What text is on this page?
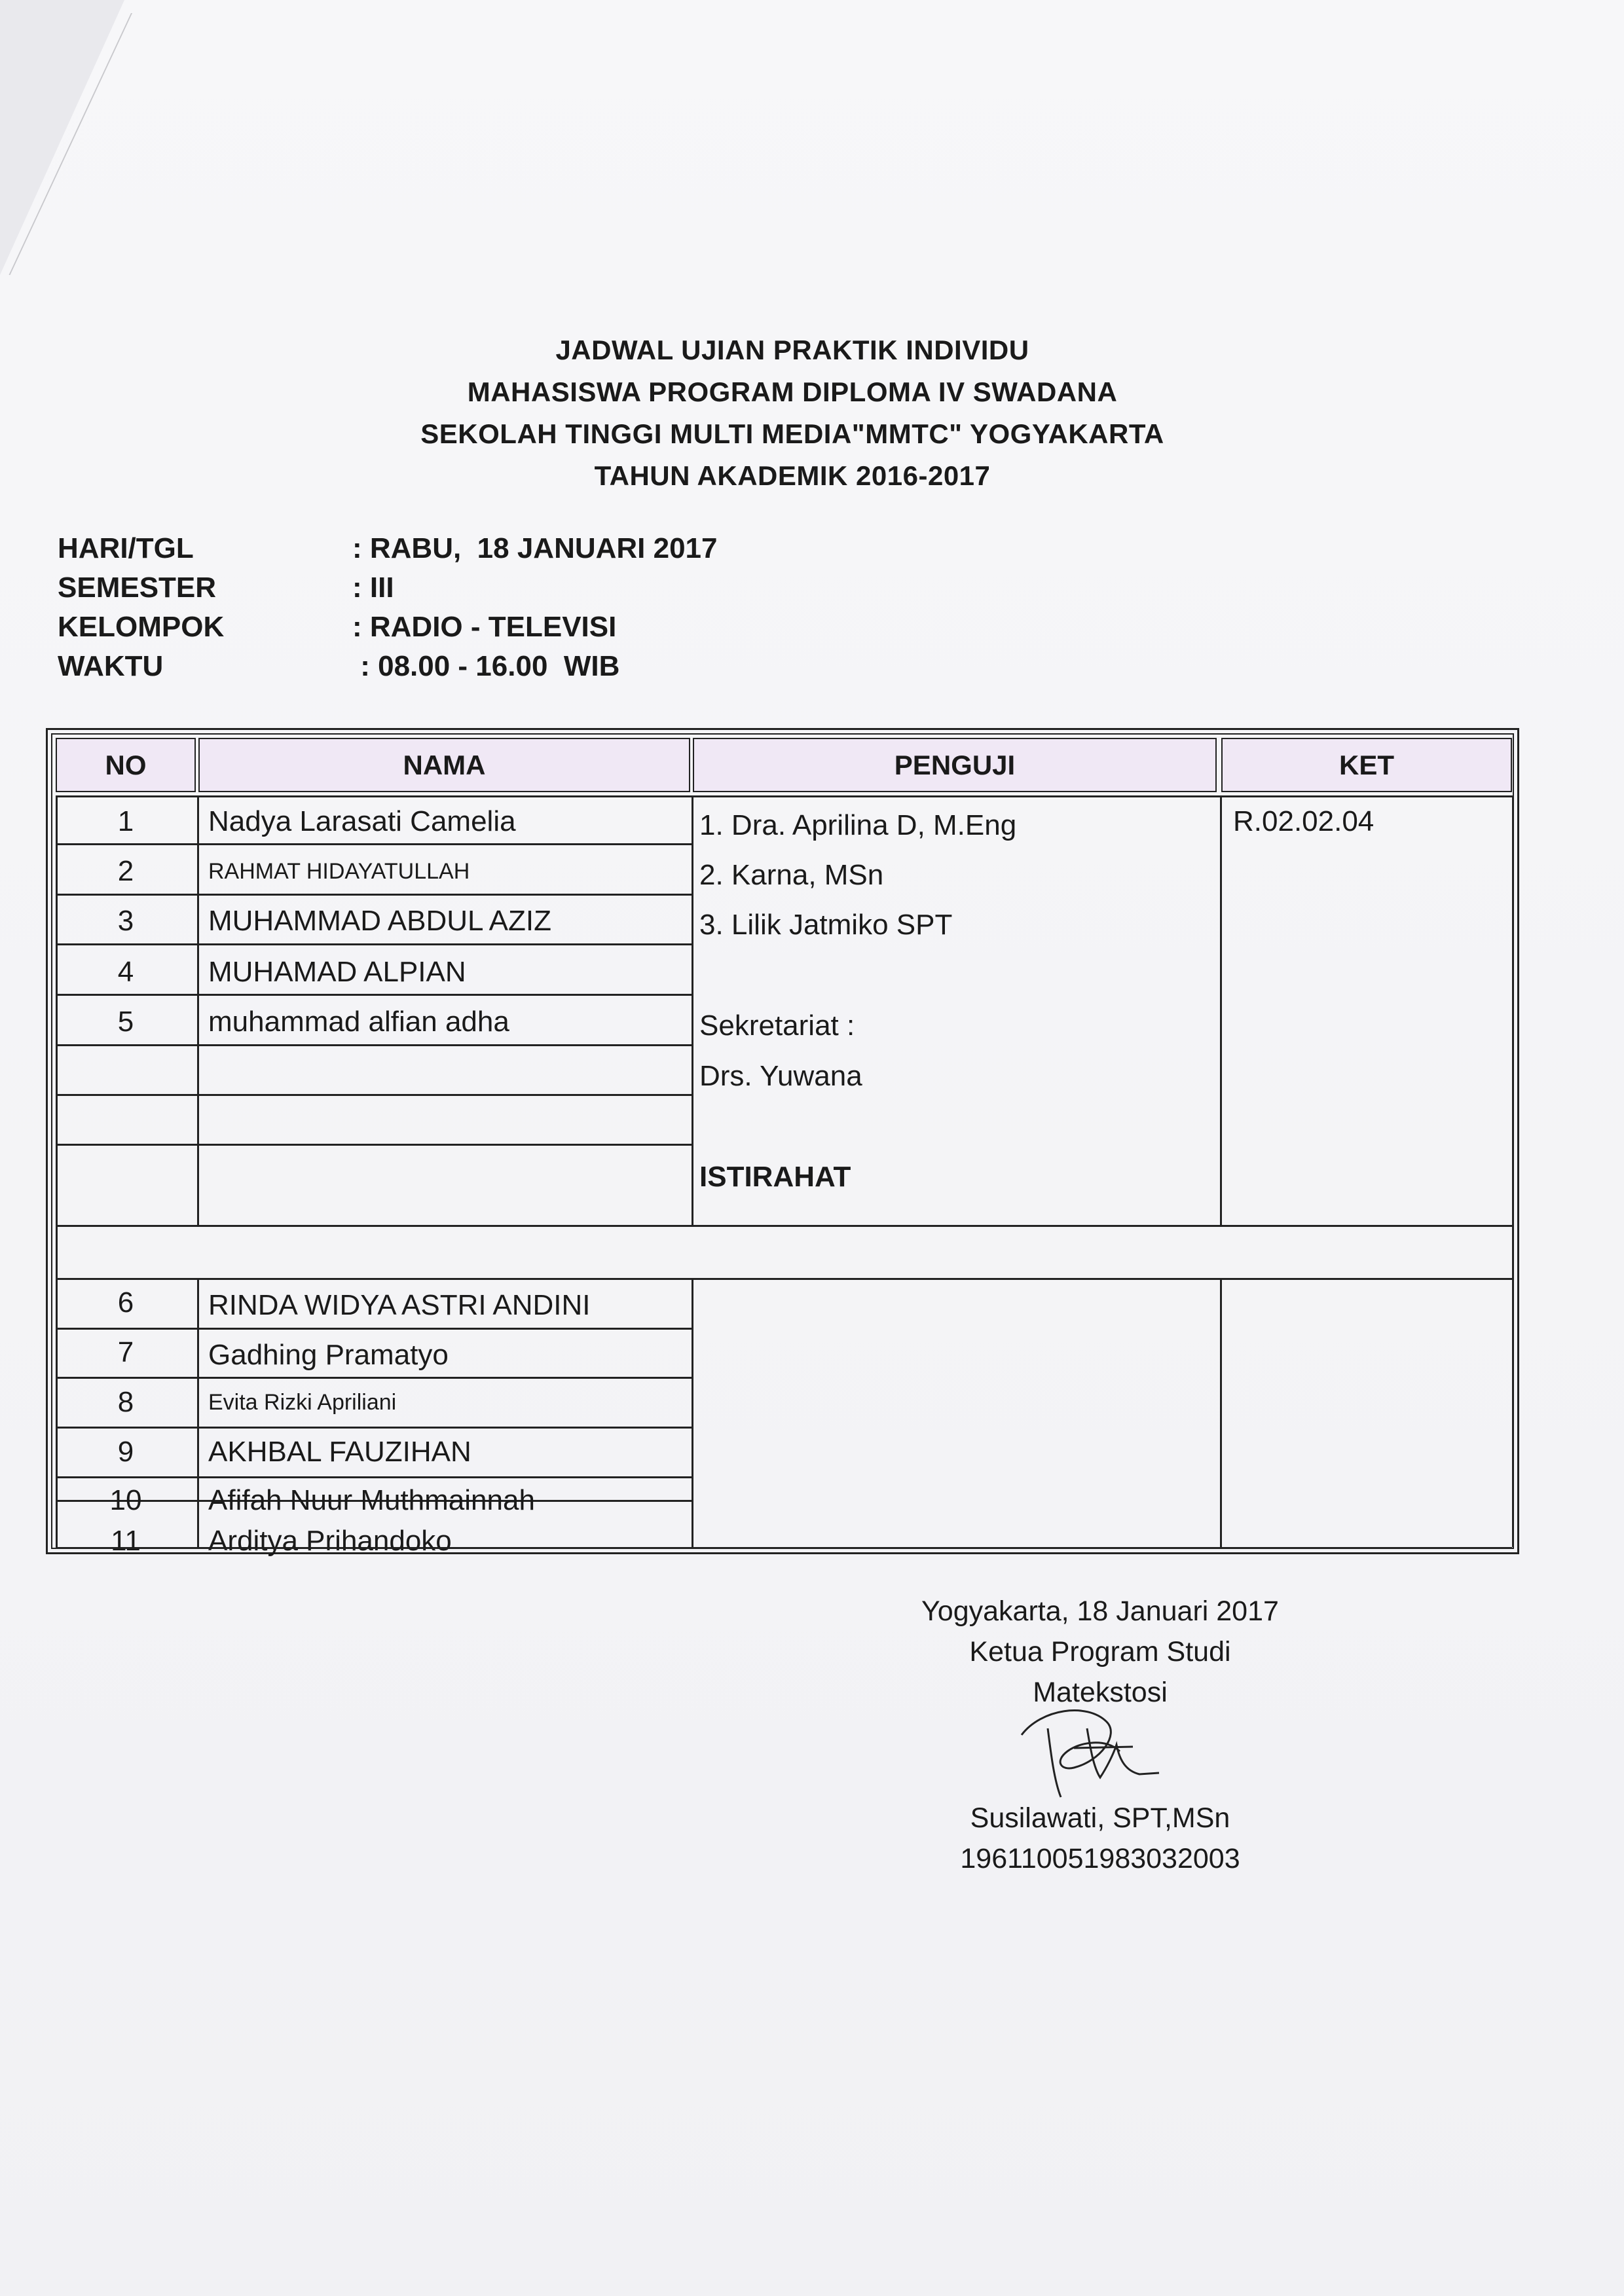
JADWAL UJIAN PRAKTIK INDIVIDU
MAHASISWA PROGRAM DIPLOMA IV SWADANA
SEKOLAH TINGGI MULTI MEDIA"MMTC" YOGYAKARTA
TAHUN AKADEMIK 2016-2017
HARI/TGL	: RABU,  18 JANUARI 2017
SEMESTER	: III
KELOMPOK	: RADIO - TELEVISI
WAKTU	: 08.00 - 16.00  WIB
NO	NAMA	PENGUJI	KET
1	Nadya Larasati Camelia
2	RAHMAT HIDAYATULLAH
3	MUHAMMAD ABDUL AZIZ
4	MUHAMAD ALPIAN
5	muhammad alfian adha
1. Dra. Aprilina D, M.Eng
2. Karna, MSn
3. Lilik Jatmiko SPT
Sekretariat :
Drs. Yuwana
R.02.02.04
ISTIRAHAT
6	RINDA WIDYA ASTRI ANDINI
7	Gadhing Pramatyo
8	Evita Rizki Apriliani
9	AKHBAL FAUZIHAN
10	Afifah Nuur Muthmainnah
11	Arditya Prihandoko
Yogyakarta, 18 Januari 2017
Ketua Program Studi
Matekstosi
Susilawati, SPT,MSn
196110051983032003
